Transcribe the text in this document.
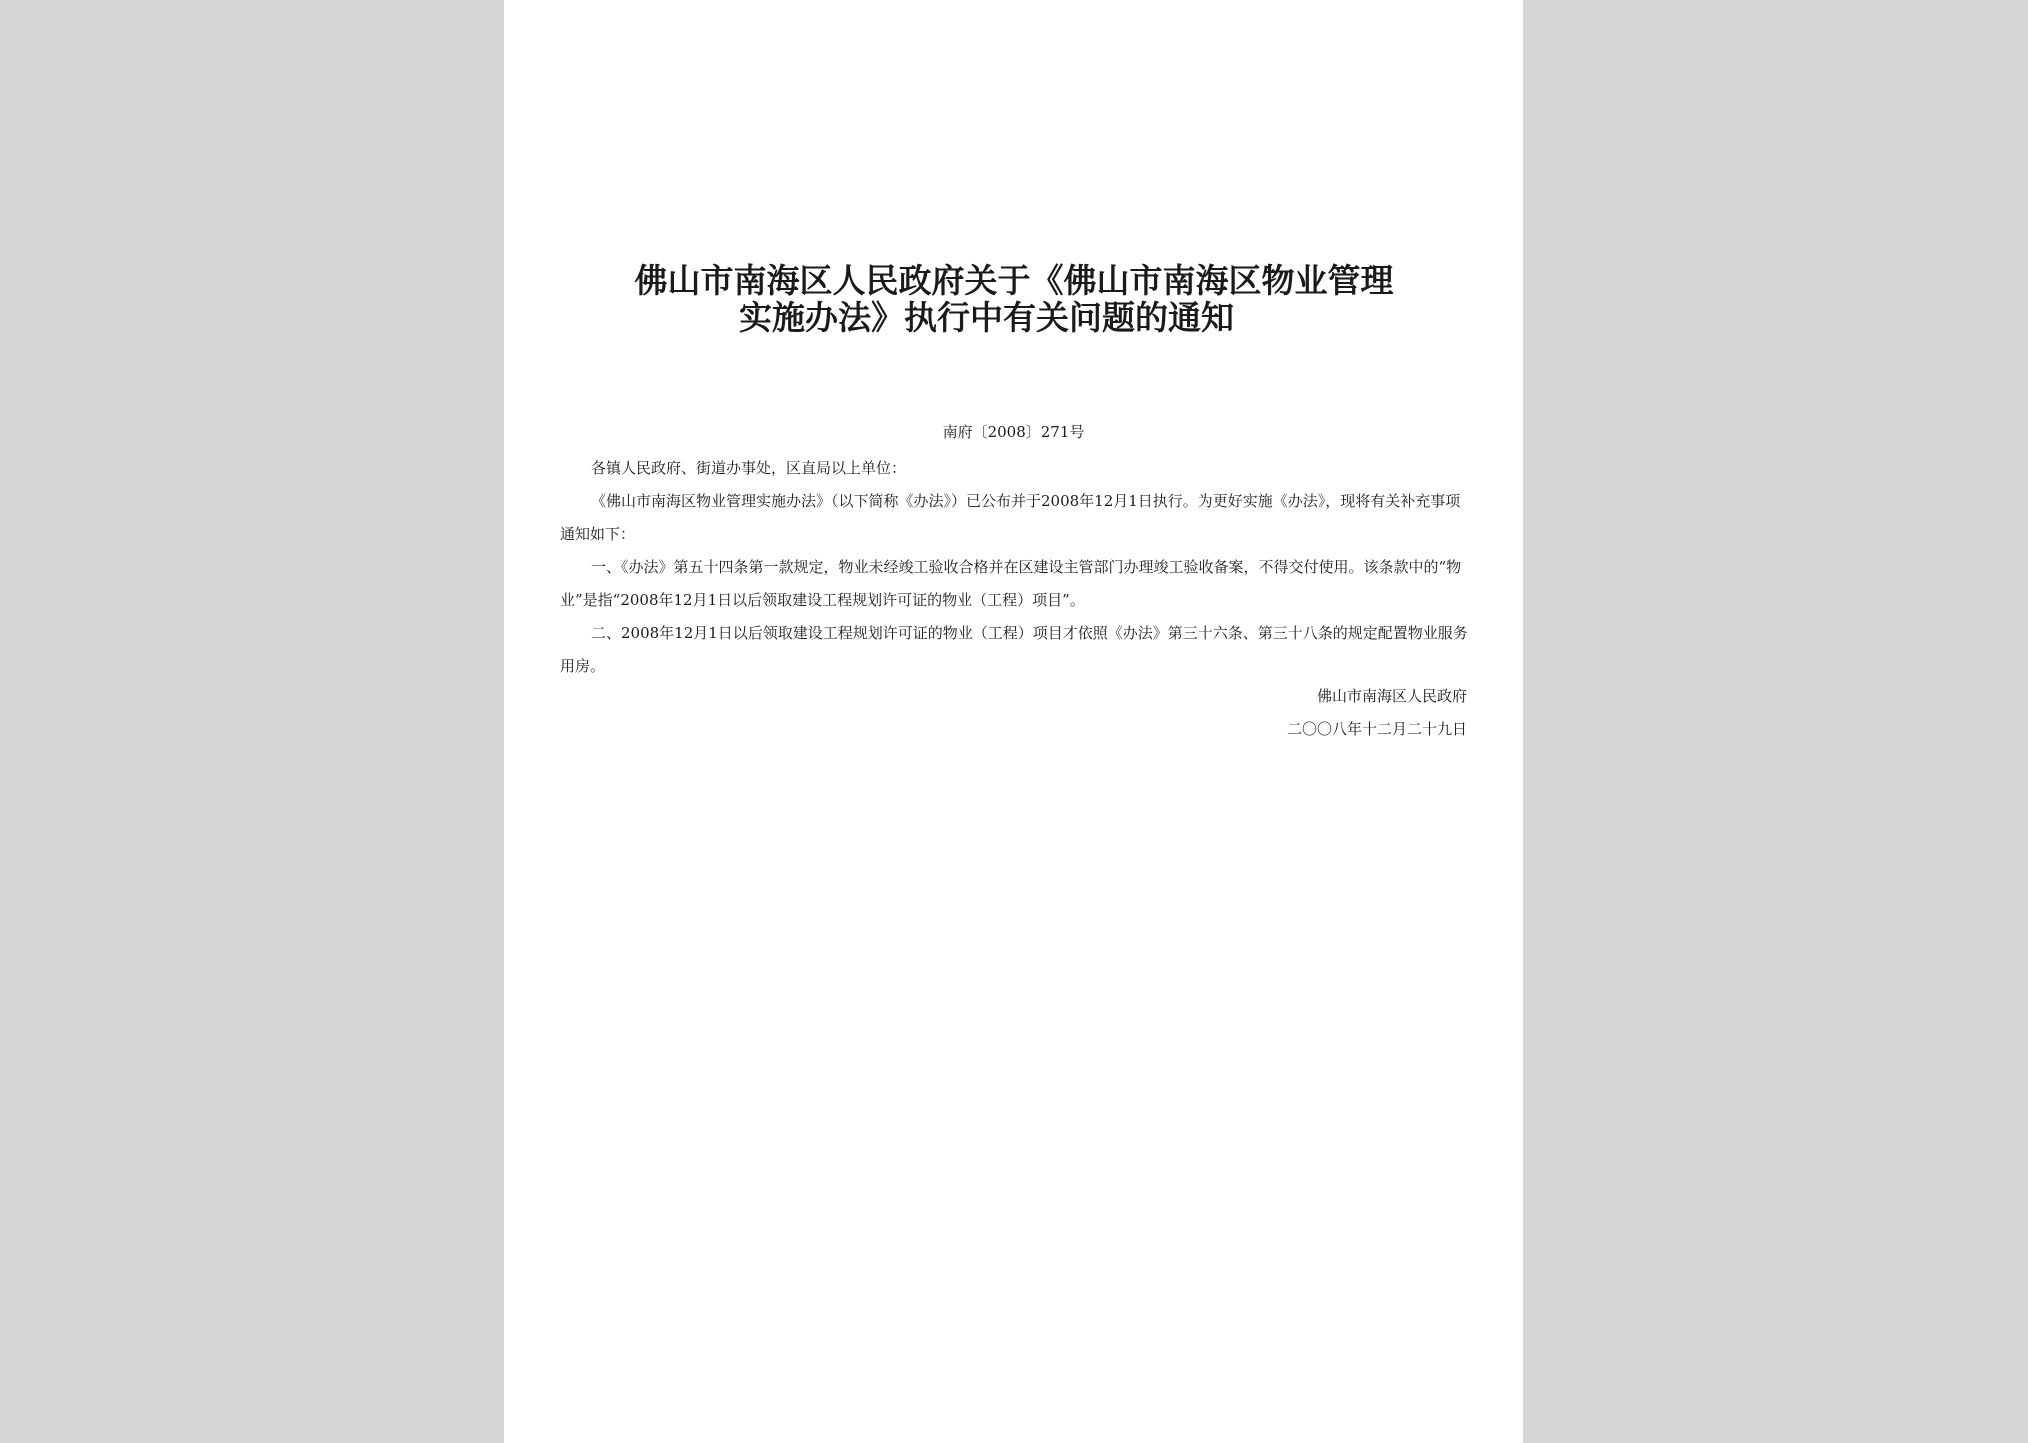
佛山市南海区人民政府关于《佛山市南海区物业管理
实施办法》执行中有关问题的通知
南府〔2008〕271号

各镇人民政府、街道办事处，区直局以上单位：

《佛山市南海区物业管理实施办法》（以下简称《办法》）已公布并于2008年12月1日执行。为更好实施《办法》，现将有关补充事项通知如下：

一、《办法》第五十四条第一款规定，物业未经竣工验收合格并在区建设主管部门办理竣工验收备案，不得交付使用。该条款中的“物业”是指“2008年12月1日以后领取建设工程规划许可证的物业（工程）项目”。

二、2008年12月1日以后领取建设工程规划许可证的物业（工程）项目才依照《办法》第三十六条、第三十八条的规定配置物业服务用房。

佛山市南海区人民政府
二〇〇八年十二月二十九日
